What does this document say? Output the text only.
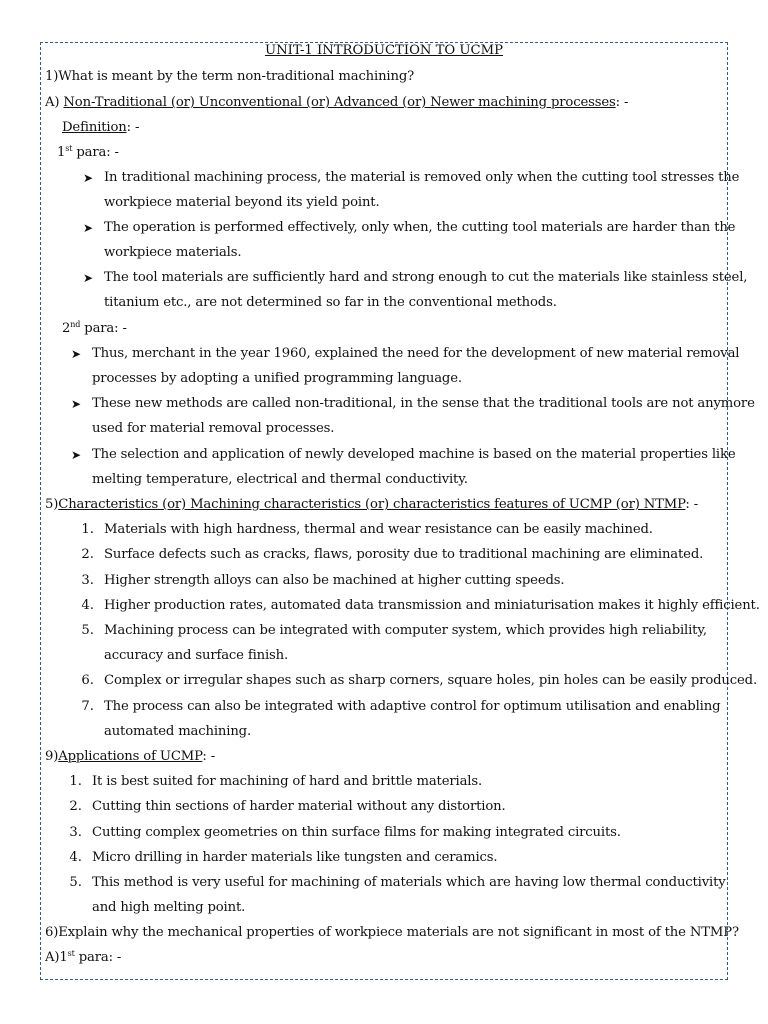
UNIT-1 INTRODUCTION TO UCMP
1)What is meant by the term non-traditional machining?
A) Non-Traditional (or) Unconventional (or) Advanced (or) Newer machining processes: -
Definition: -
1st para: -
➤ In traditional machining process, the material is removed only when the cutting tool stresses the
workpiece material beyond its yield point.
➤ The operation is performed effectively, only when, the cutting tool materials are harder than the
workpiece materials.
➤ The tool materials are sufficiently hard and strong enough to cut the materials like stainless steel,
titanium etc., are not determined so far in the conventional methods.
2nd para: -
➤ Thus, merchant in the year 1960, explained the need for the development of new material removal
processes by adopting a unified programming language.
➤ These new methods are called non-traditional, in the sense that the traditional tools are not anymore
used for material removal processes.
➤ The selection and application of newly developed machine is based on the material properties like
melting temperature, electrical and thermal conductivity.
5)Characteristics (or) Machining characteristics (or) characteristics features of UCMP (or) NTMP: -
1. Materials with high hardness, thermal and wear resistance can be easily machined.
2. Surface defects such as cracks, flaws, porosity due to traditional machining are eliminated.
3. Higher strength alloys can also be machined at higher cutting speeds.
4. Higher production rates, automated data transmission and miniaturisation makes it highly efficient.
5. Machining process can be integrated with computer system, which provides high reliability,
accuracy and surface finish.
6. Complex or irregular shapes such as sharp corners, square holes, pin holes can be easily produced.
7. The process can also be integrated with adaptive control for optimum utilisation and enabling
automated machining.
9)Applications of UCMP: -
1. It is best suited for machining of hard and brittle materials.
2. Cutting thin sections of harder material without any distortion.
3. Cutting complex geometries on thin surface films for making integrated circuits.
4. Micro drilling in harder materials like tungsten and ceramics.
5. This method is very useful for machining of materials which are having low thermal conductivity
and high melting point.
6)Explain why the mechanical properties of workpiece materials are not significant in most of the NTMP?
A)1st para: -
